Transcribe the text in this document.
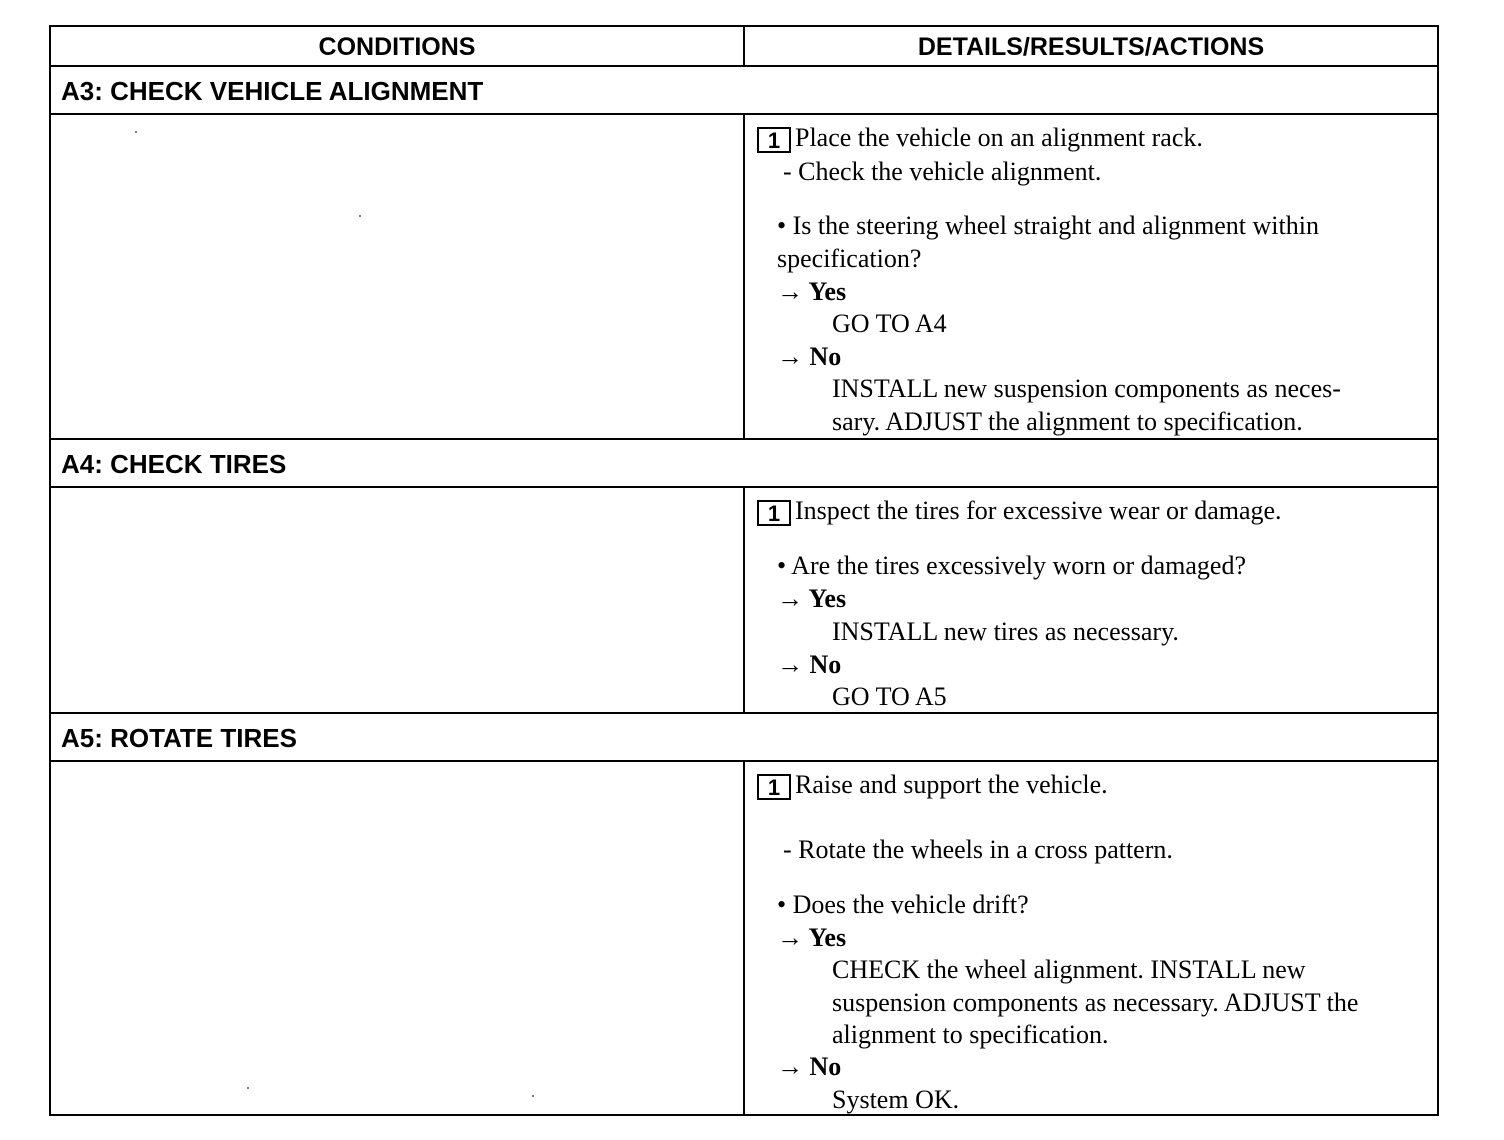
CONDITIONS	DETAILS/RESULTS/ACTIONS
A3: CHECK VEHICLE ALIGNMENT
1 Place the vehicle on an alignment rack.
- Check the vehicle alignment.
• Is the steering wheel straight and alignment within
specification?
→ Yes
GO TO A4
→ No
INSTALL new suspension components as neces-
sary. ADJUST the alignment to specification.
A4: CHECK TIRES
1 Inspect the tires for excessive wear or damage.
• Are the tires excessively worn or damaged?
→ Yes
INSTALL new tires as necessary.
→ No
GO TO A5
A5: ROTATE TIRES
1 Raise and support the vehicle.
- Rotate the wheels in a cross pattern.
• Does the vehicle drift?
→ Yes
CHECK the wheel alignment. INSTALL new
suspension components as necessary. ADJUST the
alignment to specification.
→ No
System OK.
